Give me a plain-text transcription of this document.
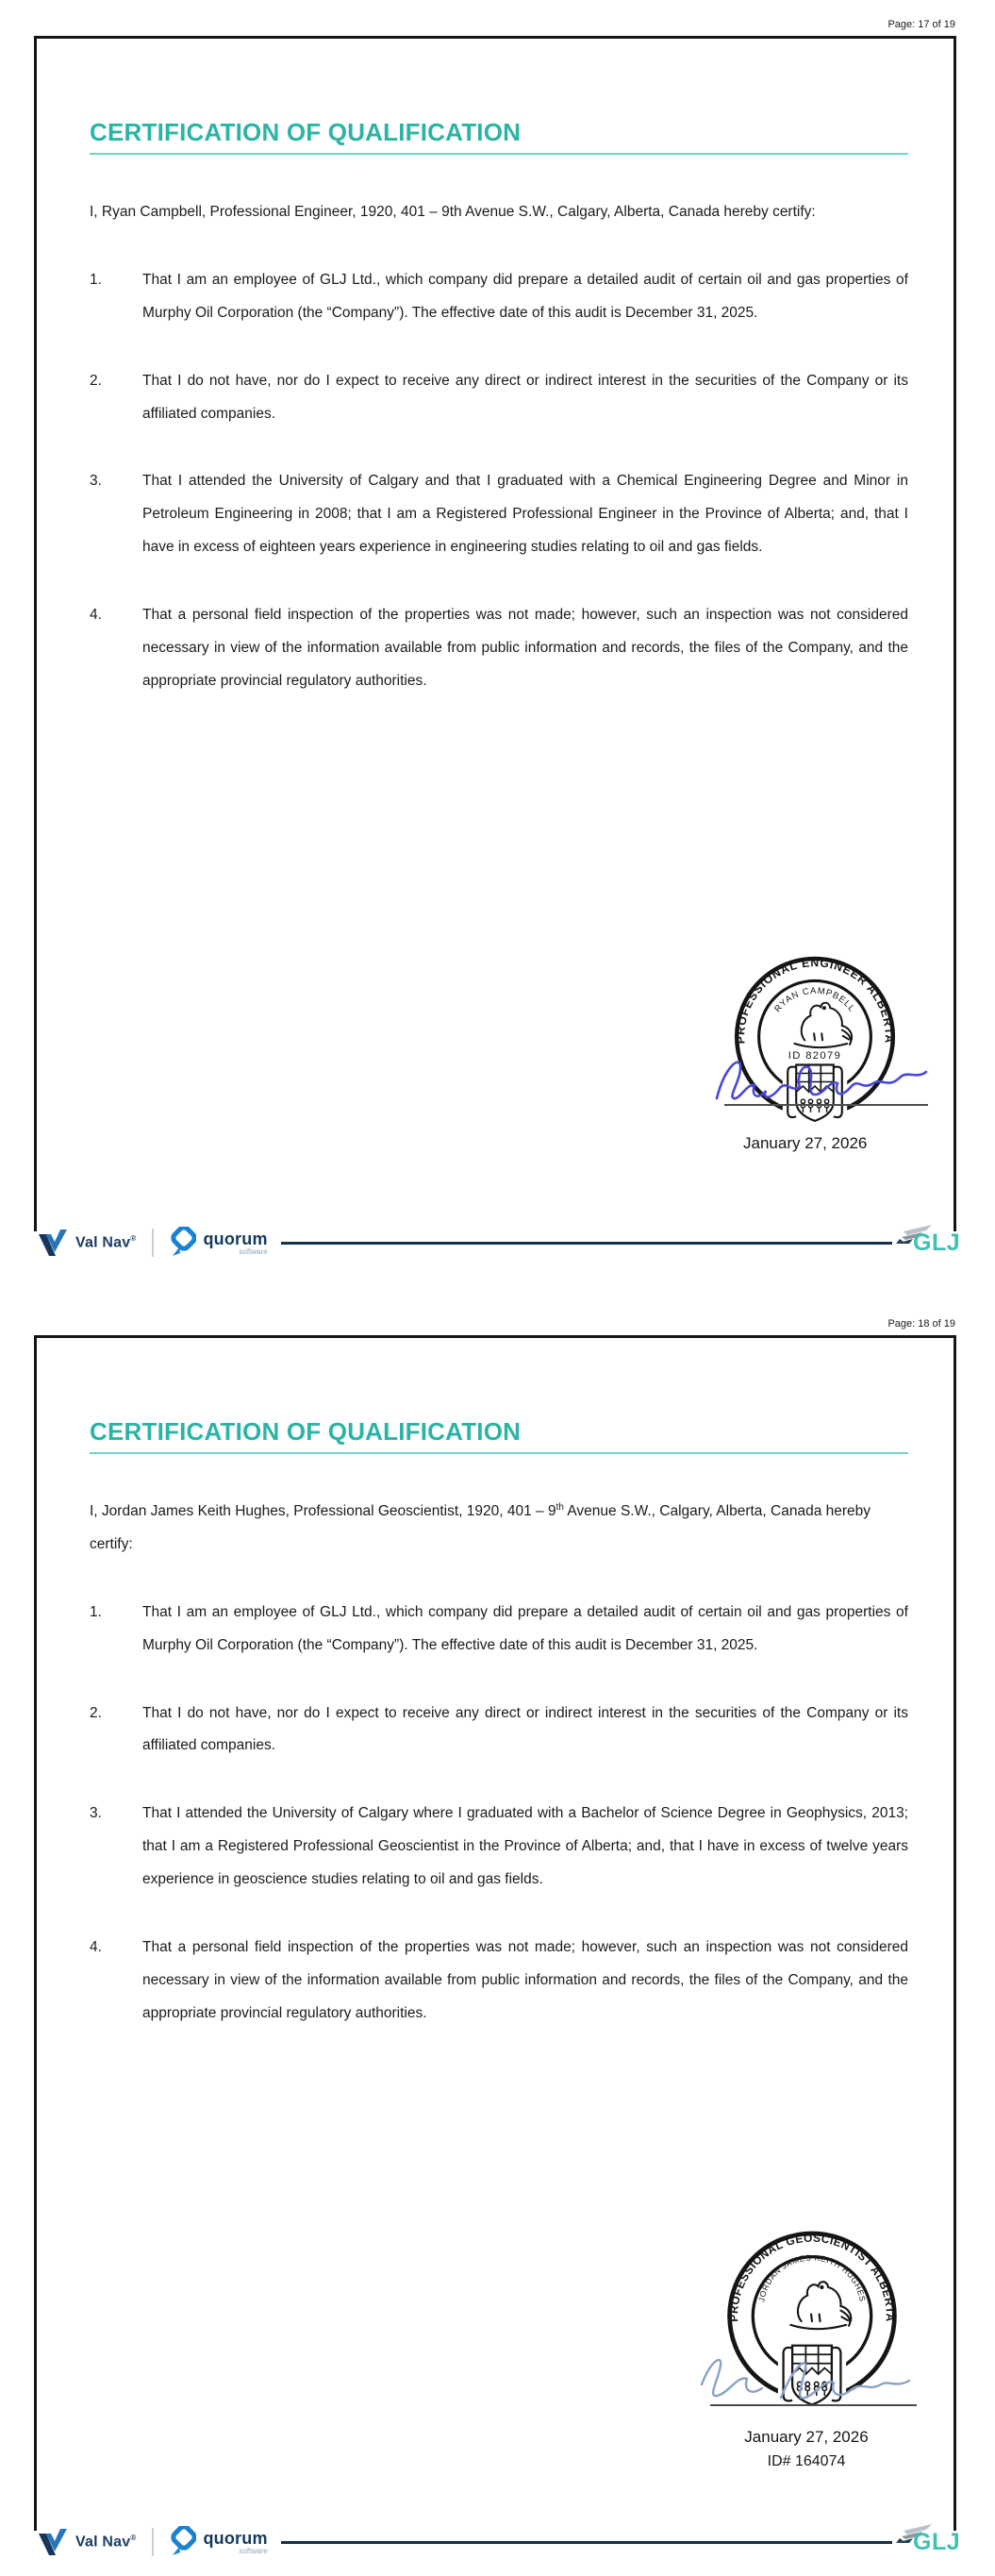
Page: 17 of 19
CERTIFICATION OF QUALIFICATION

I, Ryan Campbell, Professional Engineer, 1920, 401 – 9th Avenue S.W., Calgary, Alberta, Canada hereby certify:

1.	That I am an employee of GLJ Ltd., which company did prepare a detailed audit of certain oil and gas properties of Murphy Oil Corporation (the “Company”). The effective date of this audit is December 31, 2025.
2.	That I do not have, nor do I expect to receive any direct or indirect interest in the securities of the Company or its affiliated companies.
3.	That I attended the University of Calgary and that I graduated with a Chemical Engineering Degree and Minor in Petroleum Engineering in 2008; that I am a Registered Professional Engineer in the Province of Alberta; and, that I have in excess of eighteen years experience in engineering studies relating to oil and gas fields.
4.	That a personal field inspection of the properties was not made; however, such an inspection was not considered necessary in view of the information available from public information and records, the files of the Company, and the appropriate provincial regulatory authorities.
PROFESSIONAL ENGINEER ALBERTA
RYAN CAMPBELL
ID 82079
January 27, 2026
Val Nav®	quorum
software	GLJ
Page: 18 of 19
CERTIFICATION OF QUALIFICATION

I, Jordan James Keith Hughes, Professional Geoscientist, 1920, 401 – 9th Avenue S.W., Calgary, Alberta, Canada hereby certify:

1.	That I am an employee of GLJ Ltd., which company did prepare a detailed audit of certain oil and gas properties of Murphy Oil Corporation (the “Company”). The effective date of this audit is December 31, 2025.
2.	That I do not have, nor do I expect to receive any direct or indirect interest in the securities of the Company or its affiliated companies.
3.	That I attended the University of Calgary where I graduated with a Bachelor of Science Degree in Geophysics, 2013; that I am a Registered Professional Geoscientist in the Province of Alberta; and, that I have in excess of twelve years experience in geoscience studies relating to oil and gas fields.
4.	That a personal field inspection of the properties was not made; however, such an inspection was not considered necessary in view of the information available from public information and records, the files of the Company, and the appropriate provincial regulatory authorities.
PROFESSIONAL GEOSCIENTIST ALBERTA
JORDAN JAMES KEITH HUGHES
January 27, 2026
ID# 164074
Val Nav®	quorum
software	GLJ
